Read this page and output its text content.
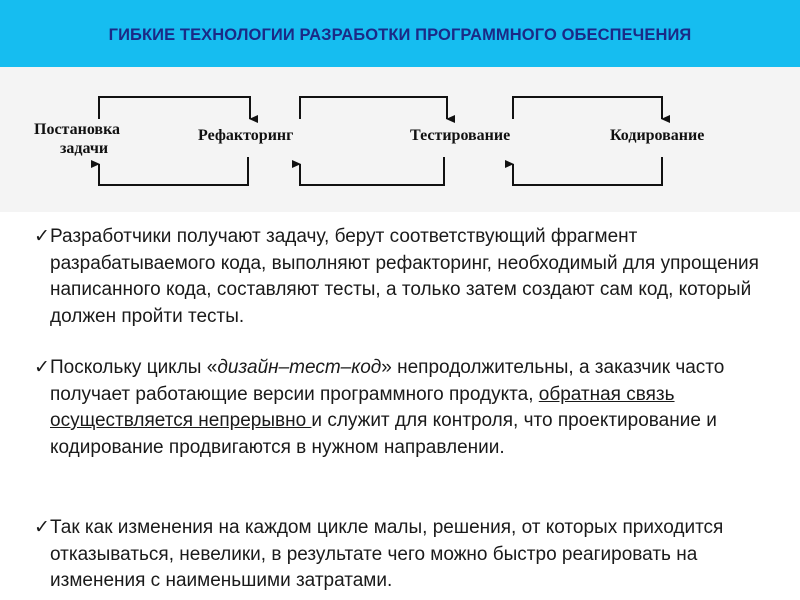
ГИБКИЕ ТЕХНОЛОГИИ РАЗРАБОТКИ ПРОГРАММНОГО ОБЕСПЕЧЕНИЯ
Постановка
задачи
Рефакторинг	Тестирование	Кодирование
✓ Разработчики получают задачу, берут соответствующий фрагмент разрабатываемого кода, выполняют рефакторинг, необходимый для упрощения написанного кода, составляют тесты, а только затем создают сам код, который должен пройти тесты.
✓ Поскольку циклы «дизайн–тест–код» непродолжительны, а заказчик часто получает работающие версии программного продукта, обратная связь осуществляется непрерывно и служит для контроля, что проектирование и кодирование продвигаются в нужном направлении.
✓ Так как изменения на каждом цикле малы, решения, от которых приходится отказываться, невелики, в результате чего можно быстро реагировать на изменения с наименьшими затратами.
